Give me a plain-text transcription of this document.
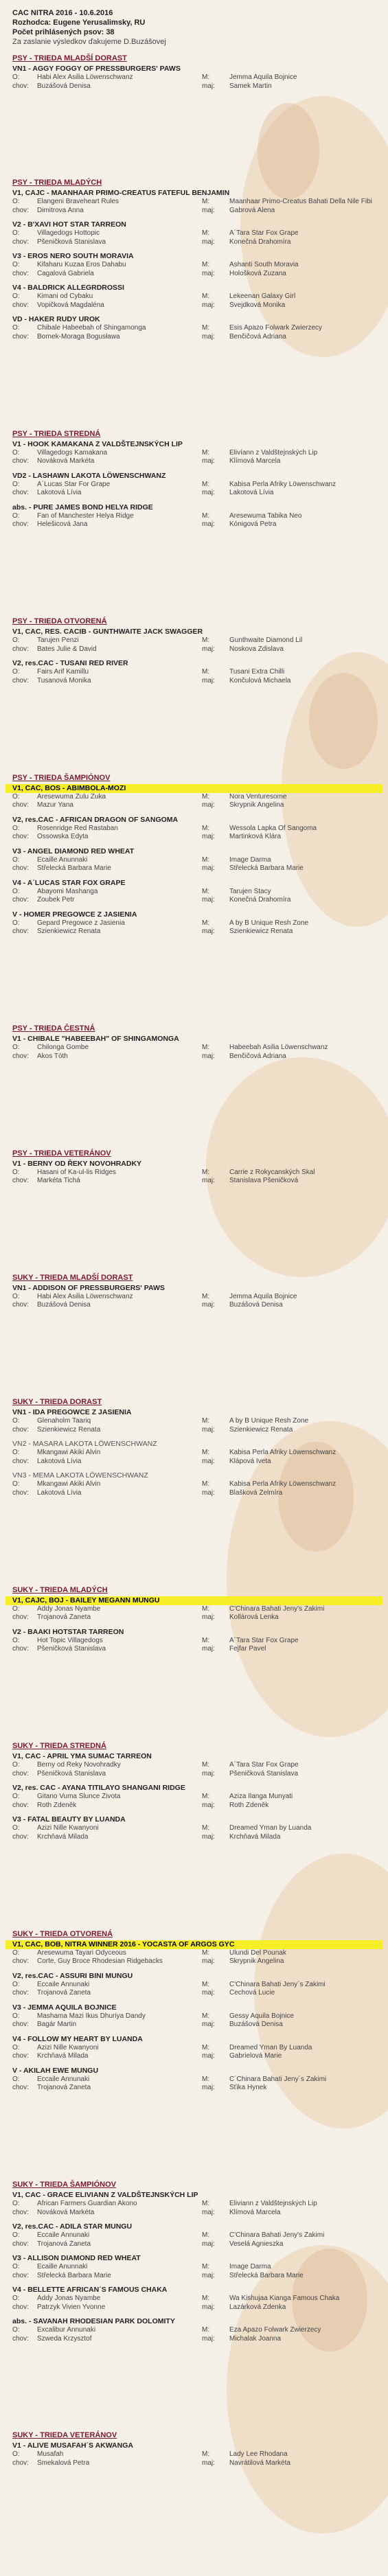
CAC NITRA 2016 - 10.6.2016
Rozhodca: Eugene Yerusalimsky, RU
Počet prihlásených psov: 38
Za zaslanie výsledkov ďakujeme D.Buzášovej
PSY - TRIEDA MLADŠÍ DORAST
VN1 - AGGY FOGGY OF PRESSBURGERS' PAWS
O:	Habi Alex Asilia Löwenschwanz	M:	Jemma Aquila Bojnice
chov:	Buzášová Denisa	maj:	Samek Martin
PSY - TRIEDA MLADÝCH
V1, CAJC - MAANHAAR PRIMO-CREATUS FATEFUL BENJAMIN
O:	Elangeni Braveheart Rules	M:	Maanhaar Primo-Creatus Bahati Della Nile Fibi
chov:	Dimitrova Anna	maj:	Gabrová Alena
V2 - B'XAVI HOT STAR TARREON
O:	Villagedogs Hottopic	M:	A´Tara Star Fox Grape
chov:	Pšeničková Stanislava	maj:	Konečná Drahomíra
V3 - EROS NERO SOUTH MORAVIA
O:	Kifaharu Kuzaa Eros Dahabu	M:	Ashanti South Moravia
chov:	Cagalová Gabriela	maj:	Hološková Zuzana
V4 - BALDRICK ALLEGRDROSSI
O:	Kimani od Cybaku	M:	Lekeenan Galaxy Girl
chov:	Vopičková Magdaléna	maj:	Švejdková Monika
VD - HAKER RUDY UROK
O:	Chibale Habeebah of Shingamonga	M:	Esis Apazo Folwark Zwierzecy
chov:	Bornek-Moraga Bogusława	maj:	Benčičová Adriana
PSY - TRIEDA STREDNÁ
V1 - HOOK KAMAKANA Z VALDŠTEJNSKÝCH LIP
O:	Villagedogs Kamakana	M:	Elivíann z Valdštejnských Lip
chov:	Nováková Markéta	maj:	Klímová Marcela
VD2 - LASHAWN LAKOTA LÖWENSCHWANZ
O:	A´Lucas Star For Grape	M:	Kabisa Perla Afriky Löwenschwanz
chov:	Lakotová Lívia	maj:	Lakotová Lívia
abs. - PURE JAMES BOND HELYA RIDGE
O:	Fan of Manchester Helya Ridge	M:	Aresewuma Tabika Neo
chov:	Helešicová Jana	maj:	Kónigová Petra
PSY - TRIEDA OTVORENÁ
V1, CAC, RES. CACIB - GUNTHWAITE JACK SWAGGER
O:	Tarujen Penzi	M:	Gunthwaite Diamond Lil
chov:	Bates Julie & David	maj:	Noskova Zdislava
V2, res.CAC - TUSANI RED RIVER
O:	Fairs Arif Kamillu	M:	Tusani Extra Chilli
chov:	Tusanová Monika	maj:	Končulová Michaela
PSY - TRIEDA ŠAMPIÓNOV
V1, CAC, BOS - ABIMBOLA-MOZI
O:	Aresewuma Zulu Zuka	M:	Nora Venturesome
chov:	Mazur Yana	maj:	Skrypnik Angelina
V2, res.CAC - AFRICAN DRAGON OF SANGOMA
O:	Rosenridge Red Rastaban	M:	Wessola Lapka Of Sangoma
chov:	Ossowska Edyta	maj:	Martinková Klára
V3 - ANGEL DIAMOND RED WHEAT
O:	Ecaille Anunnaki	M:	Image Darma
chov:	Střelecká Barbara Marie	maj:	Střelecká Barbara Marie
V4 - A´LUCAS STAR FOX GRAPE
O:	Abayomi Mashanga	M:	Tarujen Stacy
chov:	Zoubek Petr	maj:	Konečná Drahomíra
V - HOMER PREGOWCE Z JASIENIA
O:	Gepard Pregowce z Jasienia	M:	A by B Unique Resh Zone
chov:	Szienkiewicz Renata	maj:	Szienkiewicz Renata
PSY - TRIEDA ČESTNÁ
V1 - CHIBALE "HABEEBAH" OF SHINGAMONGA
O:	Chilonga Gombe	M:	Habeebah Asilia Löwenschwanz
chov:	Akos Tóth	maj:	Benčičová Adriana
PSY - TRIEDA VETERÁNOV
V1 - BERNY OD ŘEKY NOVOHRADKY
O:	Hasani of Ka-ul-lis Ridges	M:	Carrie z Rokycanských Skal
chov:	Markéta Tichá	maj:	Stanislava Pšeničková
SUKY - TRIEDA MLADŠÍ DORAST
VN1 - ADDISON OF PRESSBURGERS' PAWS
O:	Habi Alex Asilia Löwenschwanz	M:	Jemma Aquila Bojnice
chov:	Buzášová Denisa	maj:	Buzášová Denisa
SUKY - TRIEDA DORAST
VN1 - IDA PREGOWCE Z JASIENIA
O:	Glenaholm Taariq	M:	A by B Unique Resh Zone
chov:	Szienkiewicz Renata	maj:	Szienkiewicz Renata
VN2 - MASARA LAKOTA LÖWENSCHWANZ
O:	Mkangawi Akiki Alvin	M:	Kabisa Perla Afriky Löwenschwanz
chov:	Lakotová Lívia	maj:	Klápová Iveta
VN3 - MEMA LAKOTA LÖWENSCHWANZ
O:	Mkangawi Akiki Alvin	M:	Kabisa Perla Afriky Löwenschwanz
chov:	Lakotová Lívia	maj:	Blašková Želmíra
SUKY - TRIEDA MLADÝCH
V1, CAJC, BOJ - BAILEY MEGANN MUNGU
O:	Addy Jonas Nyambe	M:	C'Chinara Bahati Jeny's Zakimi
chov:	Trojanová Žaneta	maj:	Kollárová Lenka
V2 - BAAKI HOTSTAR TARREON
O:	Hot Topic Villagedogs	M:	A´Tara Star Fox Grape
chov:	Pšeničková Stanislava	maj:	Fejfar Pavel
SUKY - TRIEDA STREDNÁ
V1, CAC - APRIL YMA SUMAC TARREON
O:	Berny od Řeky Novohradky	M:	A´Tara Star Fox Grape
chov:	Pšeničková Stanislava	maj:	Pšeničková Stanislava
V2, res. CAC - AYANA TITILAYO SHANGANI RIDGE
O:	Gitano Vuma Slunce Života	M:	Aziza Ilanga Munyati
chov:	Roth Zdeněk	maj:	Roth Zdeněk
V3 - FATAL BEAUTY BY LUANDA
O:	Azizi Nille Kwanyoni	M:	Dreamed Yman by Luanda
chov:	Krchňavá Milada	maj:	Krchňavá Milada
SUKY - TRIEDA OTVORENÁ
V1, CAC, BOB, NITRA WINNER 2016 - YOCASTA OF ARGOS GYC
O:	Aresewuma Tayari Odyceous	M:	Ulundi Del Pounak
chov:	Corte, Guy Broce Rhodesian Ridgebacks	maj:	Skrypnik Angelina
V2, res.CAC - ASSURI BINI MUNGU
O:	Eccaile Annunaki	M:	C'Chinara Bahati Jeny´s Zakimi
chov:	Trojanová Žaneta	maj:	Čechová Lucie
V3 - JEMMA AQUILA BOJNICE
O:	Mashama Mazi Ikus Dhuriya Dandy	M:	Gessy Aquila Bojnice
chov:	Bagár Martin	maj:	Buzášová Denisa
V4 - FOLLOW MY HEART BY LUANDA
O:	Azizi Nille Kwanyoni	M:	Dreamed Yman By Luanda
chov:	Krchňavá Milada	maj:	Gabrielová Marie
V - AKILAH EWE MUNGU
O:	Eccaile Annunaki	M:	C´Chinara Bahati Jeny´s Zakimi
chov:	Trojanová Žaneta	maj:	Šťika Hynek
SUKY - TRIEDA ŠAMPIÓNOV
V1, CAC - GRACE ELIVIANN Z VALDŠTEJNSKÝCH LIP
O:	African Farmers Guardian Akono	M:	Eliviann z Valdštejnských Lip
chov:	Nováková Markéta	maj:	Klímová Marcela
V2, res.CAC - ADILA STAR MUNGU
O:	Eccaile Annunaki	M:	C'Chinara Bahati Jeny's Zakimi
chov:	Trojanová Žaneta	maj:	Veselá Agnieszka
V3 - ALLISON DIAMOND RED WHEAT
O:	Ecaille Anunnaki	M:	Image Darma
chov:	Střelecká Barbara Marie	maj:	Střelecká Barbara Marie
V4 - BELLETTE AFRICAN´S FAMOUS CHAKA
O:	Addy Jonas Nyambe	M:	Wa Kishujaa Kianga Famous Chaka
chov:	Patrzyk Vivien Yvonne	maj:	Lazárková Zdenka
abs. - SAVANAH RHODESIAN PARK DOLOMITY
O:	Excalibur Annunaki	M:	Eza Apazo Folwark Zwierzecy
chov:	Szweda Krzysztof	maj:	Michalak Joanna
SUKY - TRIEDA VETERÁNOV
V1 - ALIVE MUSAFAH´S AKWANGA
O:	Musafah	M:	Lady Lee Rhodana
chov:	Smekalová Petra	maj:	Navrátilová Markéta
